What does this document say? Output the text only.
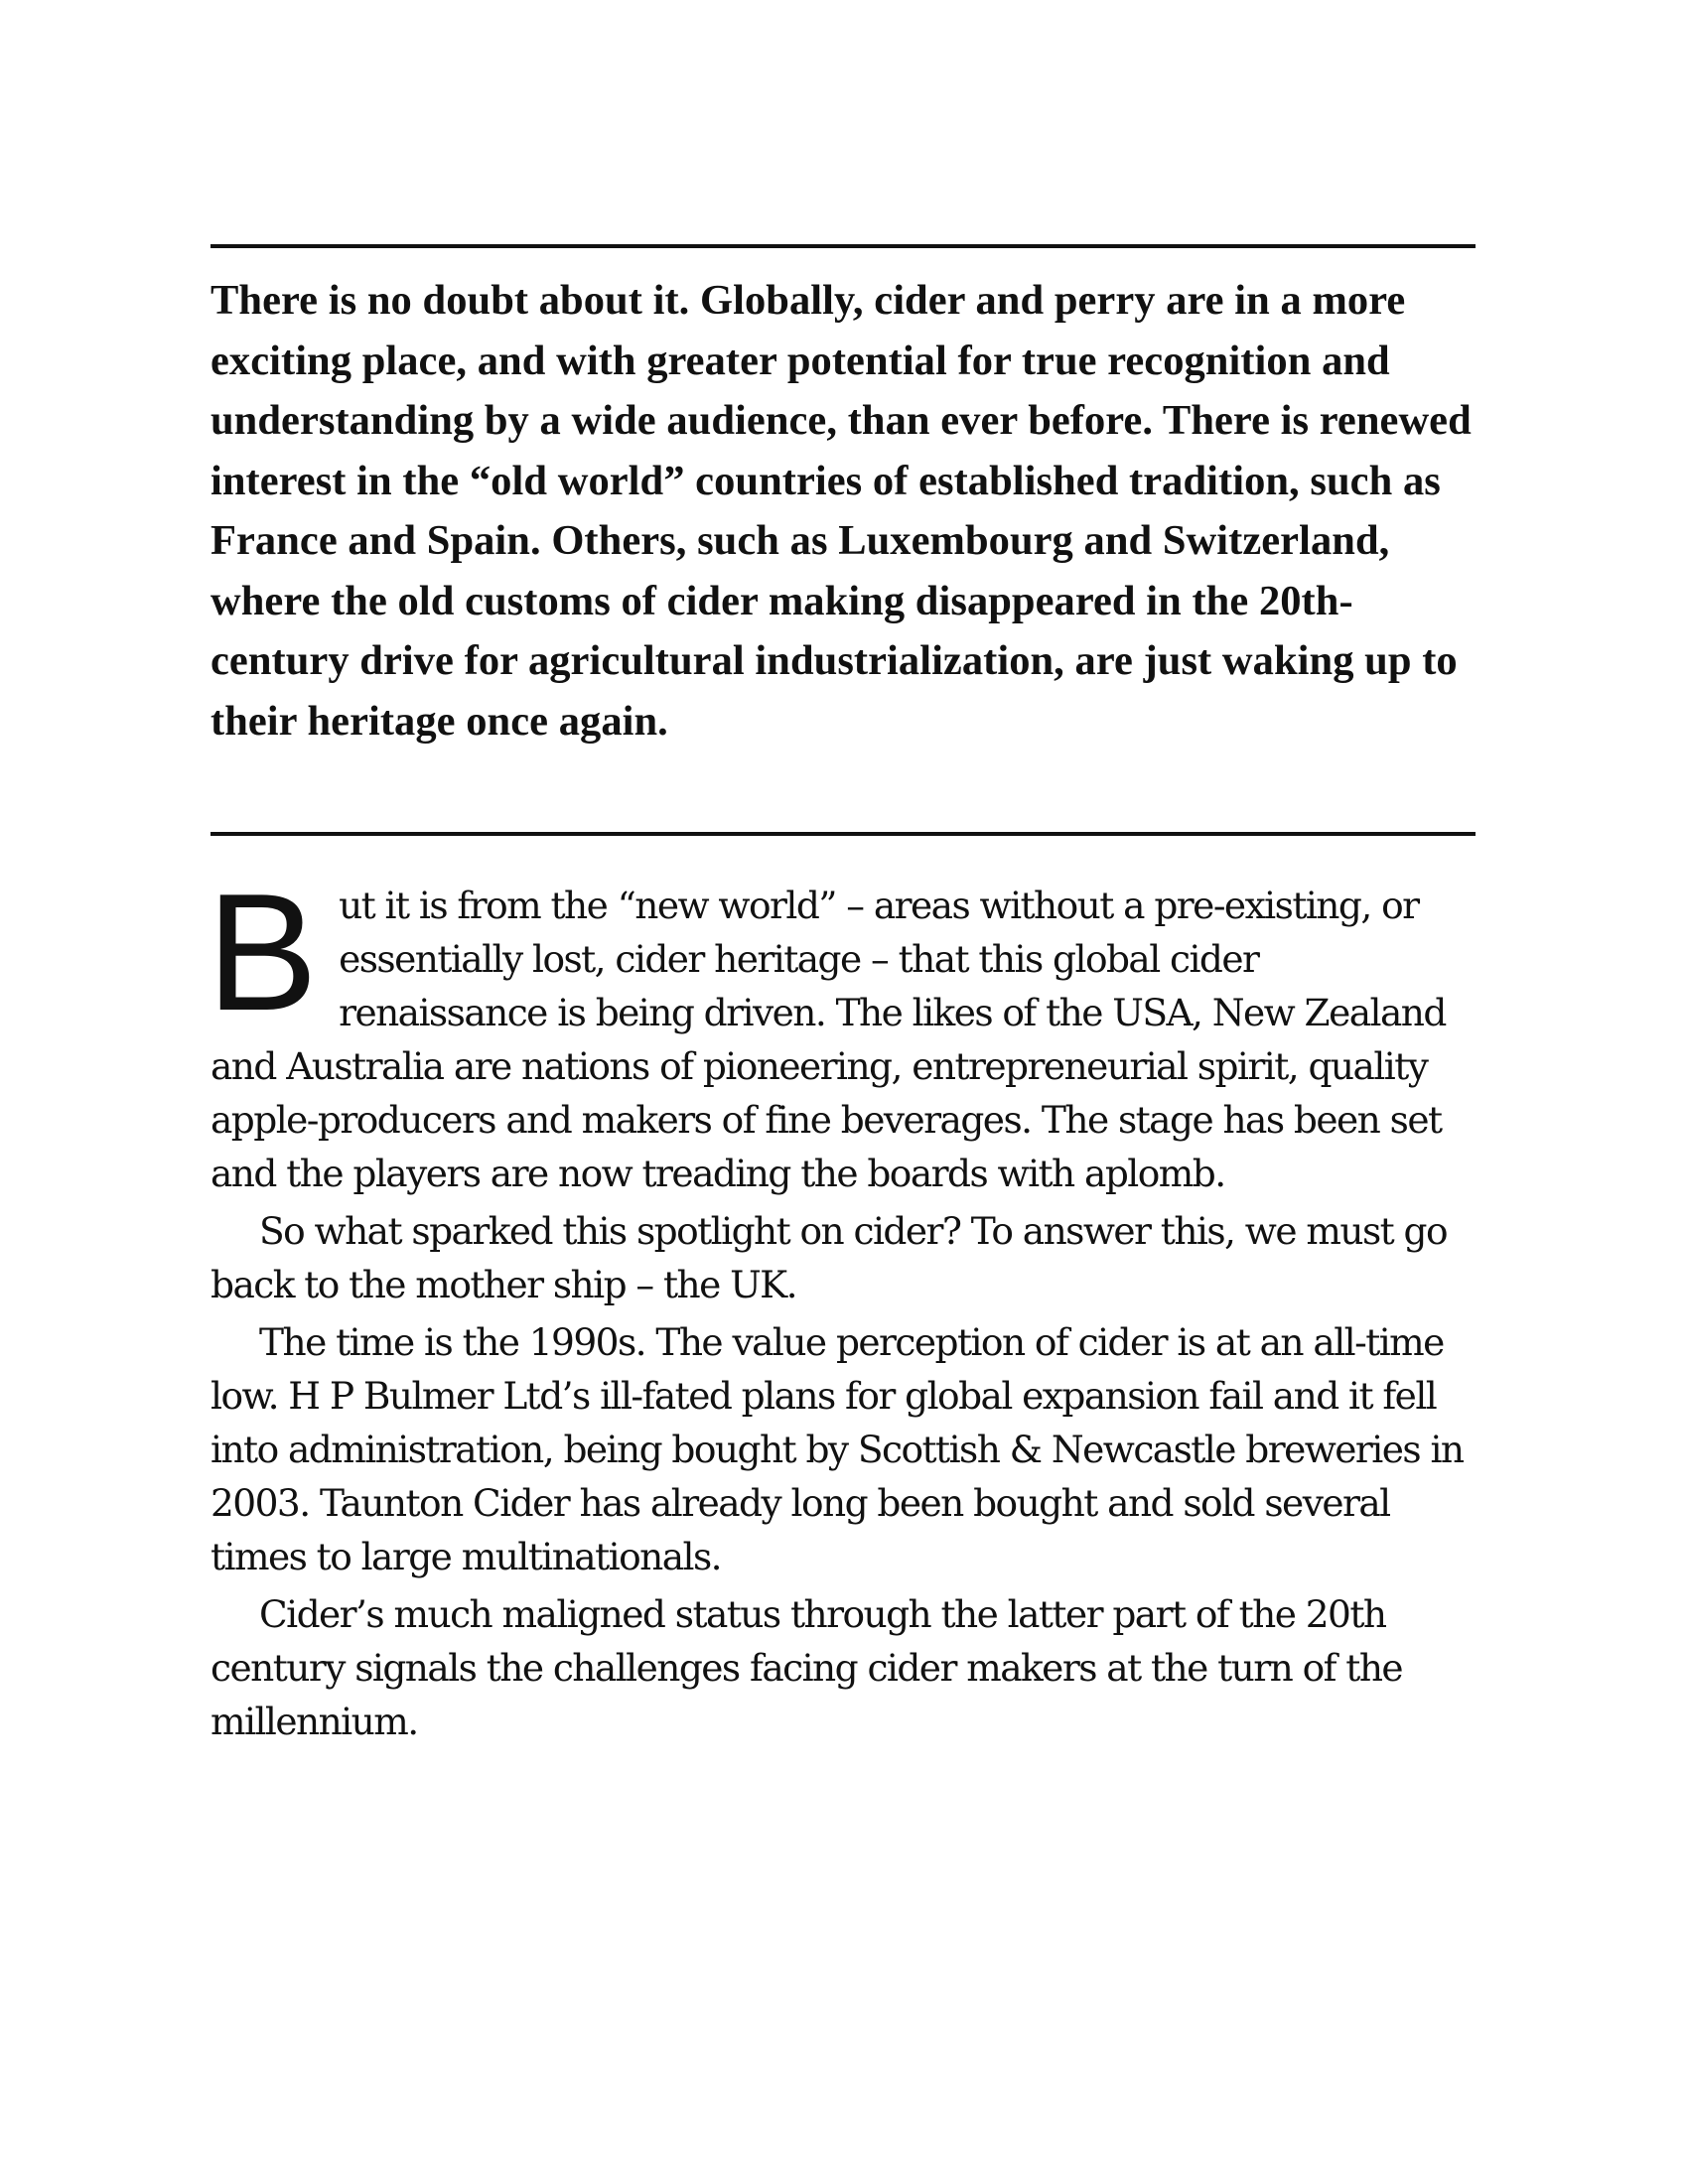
There is no doubt about it. Globally, cider and perry are in a more exciting place, and with greater potential for true recognition and understanding by a wide audience, than ever before. There is renewed interest in the “old world” countries of established tradition, such as France and Spain. Others, such as Luxembourg and Switzerland, where the old customs of cider making disappeared in the 20th-century drive for agricultural industrialization, are just waking up to their heritage once again.

But it is from the “new world” – areas without a pre-existing, or essentially lost, cider heritage – that this global cider renaissance is being driven. The likes of the USA, New Zealand and Australia are nations of pioneering, entrepreneurial spirit, quality apple-producers and makers of fine beverages. The stage has been set and the players are now treading the boards with aplomb.

So what sparked this spotlight on cider? To answer this, we must go back to the mother ship – the UK.

The time is the 1990s. The value perception of cider is at an all-time low. H P Bulmer Ltd’s ill-fated plans for global expansion fail and it fell into administration, being bought by Scottish & Newcastle breweries in 2003. Taunton Cider has already long been bought and sold several times to large multinationals.

Cider’s much maligned status through the latter part of the 20th century signals the challenges facing cider makers at the turn of the millennium.
